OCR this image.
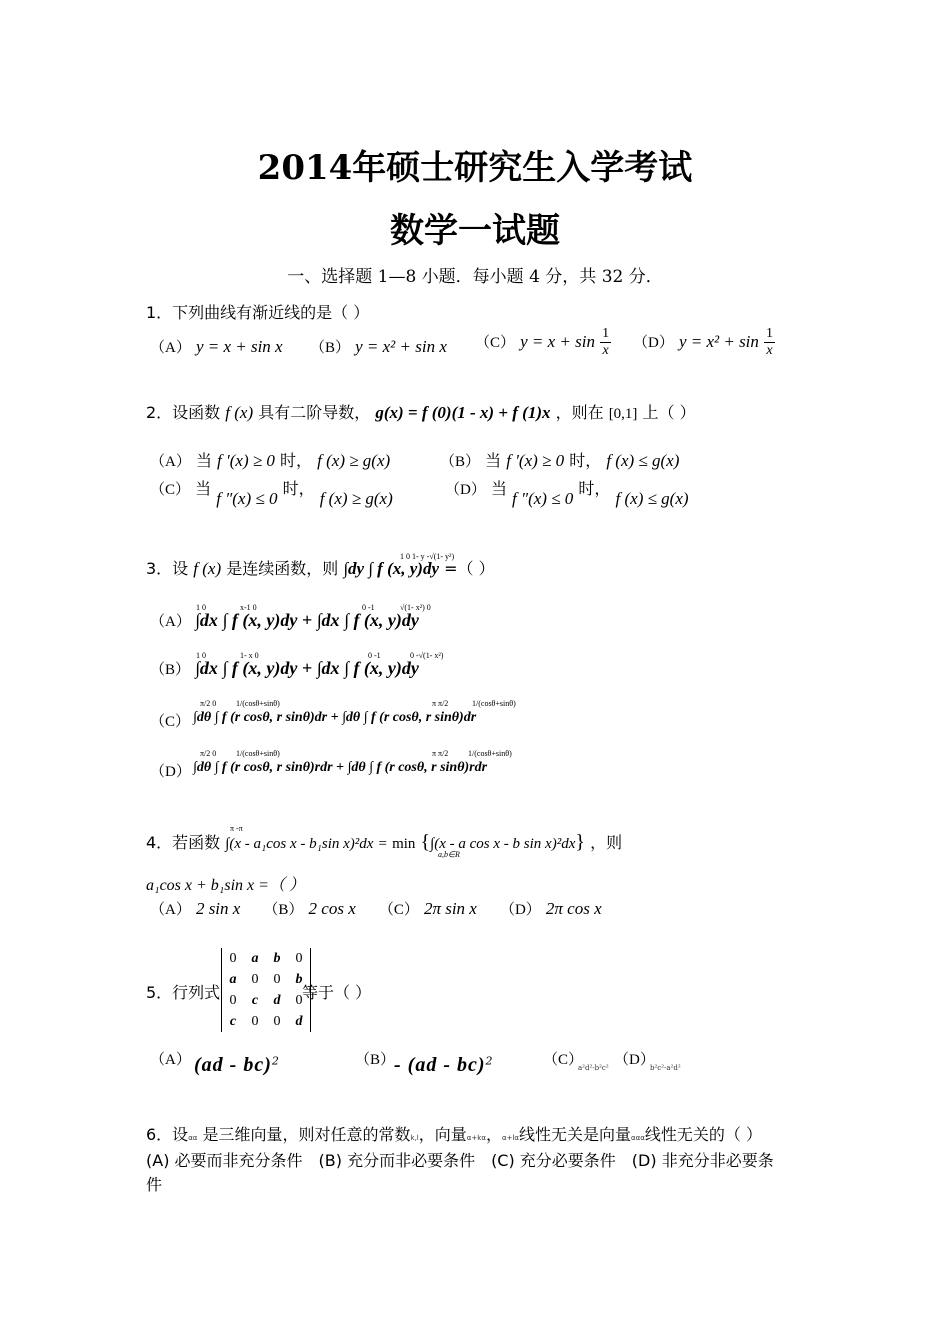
2014年硕士研究生入学考试
数学一试题
一、选择题 1—8 小题．每小题 4 分，共 32 分．
1．下列曲线有渐近线的是（ ）
（A） y = x + sin x （B） y = x² + sin x （C） $y = x + \sin \frac{1}{x} (D) y = x^2 + \sin \frac{1}{x}$
2．设函数 f (x) 具有二阶导数， g(x) = f (0)(1 - x) + f (1)x ，则在 [0,1] 上（ ）
（A） 当 f ′(x) ≥ 0 时， f (x) ≥ g(x)	（B） 当 f ′(x) ≥ 0 时， f (x) ≤ g(x)
（C） 当 f ″(x) ≤ 0 时， f (x) ≥ g(x)	（D） 当 f ″(x) ≤ 0 时， f (x) ≤ g(x)
3．设 f (x) 是连续函数，则 ∫dy ∫ f (x, y)dy =（ ）
1 0 1- y -√(1- y²)
（A） ∫dx ∫ f (x, y)dy + ∫dx ∫ f (x, y)dy
x-1 0	√(1- x²) 0
1 0	0 -1
（B） ∫dx ∫ f (x, y)dy + ∫dx ∫ f (x, y)dy
1- x 0	0 -√(1- x²)
1 0	0 -1
（C） ∫dθ ∫ f (r cosθ, r sinθ)dr + ∫dθ ∫ f (r cosθ, r sinθ)dr
π/2 0 1/(cosθ+sinθ)	π π/2	1/(cosθ+sinθ)
（D） ∫dθ ∫ f (r cosθ, r sinθ)rdr + ∫dθ ∫ f (r cosθ, r sinθ)rdr
π/2 0 1/(cosθ+sinθ)	π π/2 1/(cosθ+sinθ)
4．若函数 ∫(x - a₁cos x - b₁sin x)²dx = min {∫(x - a cos x - b sin x)²dx} ，则
π -π
a,b∈R
a₁cos x + b₁sin x =（ ）
（A） 2 sin x （B） 2 cos x （C） 2π sin x （D） 2π cos x
5．行列式
0	a	b	0
a	0	0	b
0	c	d	0
c	0	0	d
等于（ ）
（A） (ad - bc)$^2$	（B）
- (ad - bc)$^2$	（C）
a²d²-b²c² （D）
b²c²-a²d²
6．设αα 是三维向量，则对任意的常数k,l，向量α+kα，α+lα线性无关是向量ααα线性无关的（ ）
(A) 必要而非充分条件　(B) 充分而非必要条件　(C) 充分必要条件　(D) 非充分非必要条
件
